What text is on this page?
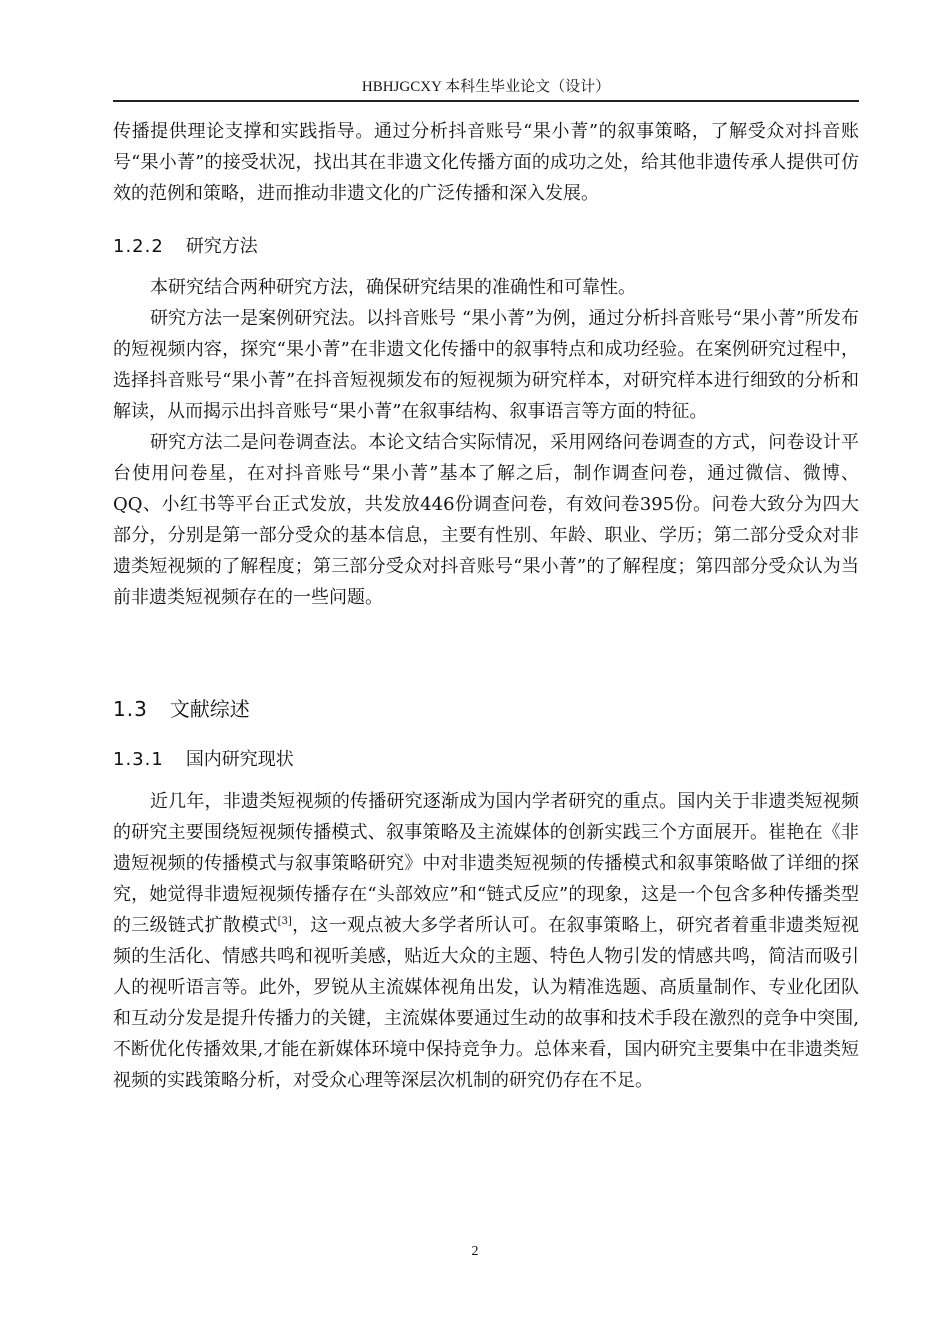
HBHJGCXY 本科生毕业论文（设计）

传播提供理论支撑和实践指导。通过分析抖音账号“果小菁”的叙事策略，了解受众对抖音账号“果小菁”的接受状况，找出其在非遗文化传播方面的成功之处，给其他非遗传承人提供可仿效的范例和策略，进而推动非遗文化的广泛传播和深入发展。

1.2.2 研究方法

本研究结合两种研究方法，确保研究结果的准确性和可靠性。

研究方法一是案例研究法。以抖音账号 “果小菁”为例，通过分析抖音账号“果小菁”所发布的短视频内容，探究“果小菁”在非遗文化传播中的叙事特点和成功经验。在案例研究过程中，选择抖音账号“果小菁”在抖音短视频发布的短视频为研究样本，对研究样本进行细致的分析和解读，从而揭示出抖音账号“果小菁”在叙事结构、叙事语言等方面的特征。

研究方法二是问卷调查法。本论文结合实际情况，采用网络问卷调查的方式，问卷设计平台使用问卷星，在对抖音账号“果小菁”基本了解之后，制作调查问卷，通过微信、微博、QQ、小红书等平台正式发放，共发放446份调查问卷，有效问卷395份。问卷大致分为四大部分，分别是第一部分受众的基本信息，主要有性别、年龄、职业、学历；第二部分受众对非遗类短视频的了解程度；第三部分受众对抖音账号“果小菁”的了解程度；第四部分受众认为当前非遗类短视频存在的一些问题。

1.3 文献综述
1.3.1 国内研究现状

近几年，非遗类短视频的传播研究逐渐成为国内学者研究的重点。国内关于非遗类短视频的研究主要围绕短视频传播模式、叙事策略及主流媒体的创新实践三个方面展开。崔艳在《非遗短视频的传播模式与叙事策略研究》中对非遗类短视频的传播模式和叙事策略做了详细的探究，她觉得非遗短视频传播存在“头部效应”和“链式反应”的现象，这是一个包含多种传播类型的三级链式扩散模式[3]，这一观点被大多学者所认可。在叙事策略上，研究者着重非遗类短视频的生活化、情感共鸣和视听美感，贴近大众的主题、特色人物引发的情感共鸣，简洁而吸引人的视听语言等。此外，罗锐从主流媒体视角出发，认为精准选题、高质量制作、专业化团队和互动分发是提升传播力的关键，主流媒体要通过生动的故事和技术手段在激烈的竞争中突围,不断优化传播效果,才能在新媒体环境中保持竞争力。总体来看，国内研究主要集中在非遗类短视频的实践策略分析，对受众心理等深层次机制的研究仍存在不足。

2
